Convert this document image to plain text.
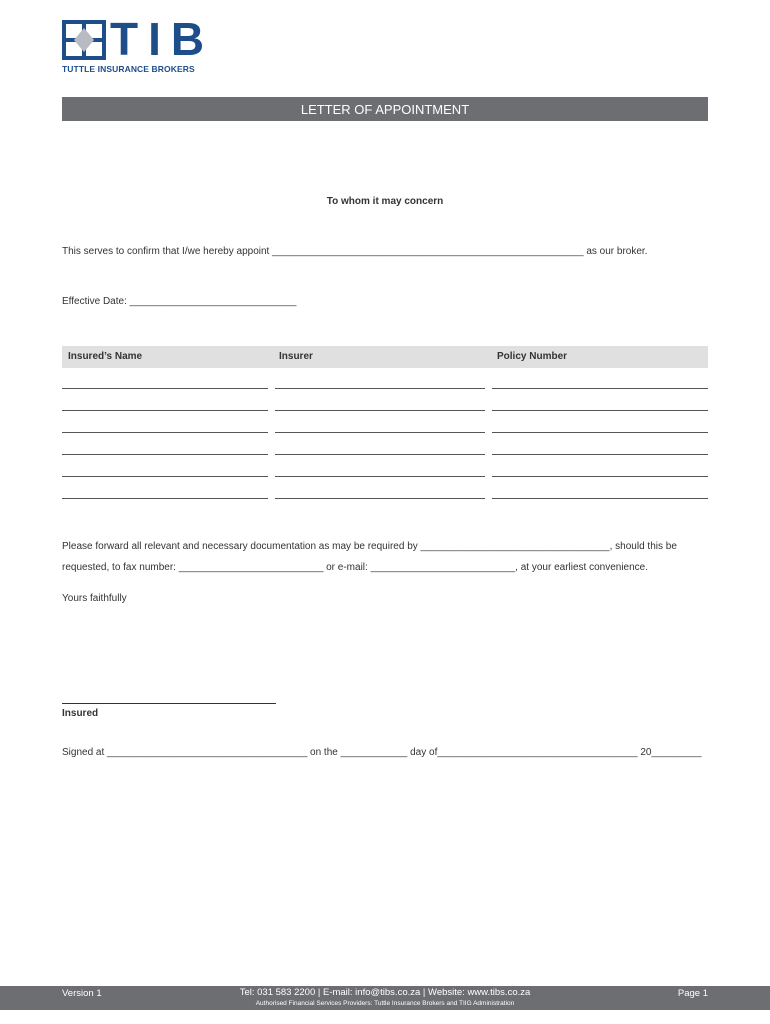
TIB
TUTTLE INSURANCE BROKERS
LETTER OF APPOINTMENT
To whom it may concern
This serves to confirm that I/we hereby appoint ________________________________________________________ as our broker.
Effective Date: ______________________________
Insured’s Name	Insurer	Policy Number
Please forward all relevant and necessary documentation as may be required by __________________________________, should this be
requested, to fax number: __________________________ or e-mail: __________________________, at your earliest convenience.
Yours faithfully
Insured
Signed at ____________________________________ on the ____________ day of____________________________________ 20_________
Version 1	Tel: 031 583 2200 | E-mail: info@tibs.co.za | Website: www.tibs.co.za
Authorised Financial Services Providers: Tuttle Insurance Brokers and TIIG Administration
Page 1
